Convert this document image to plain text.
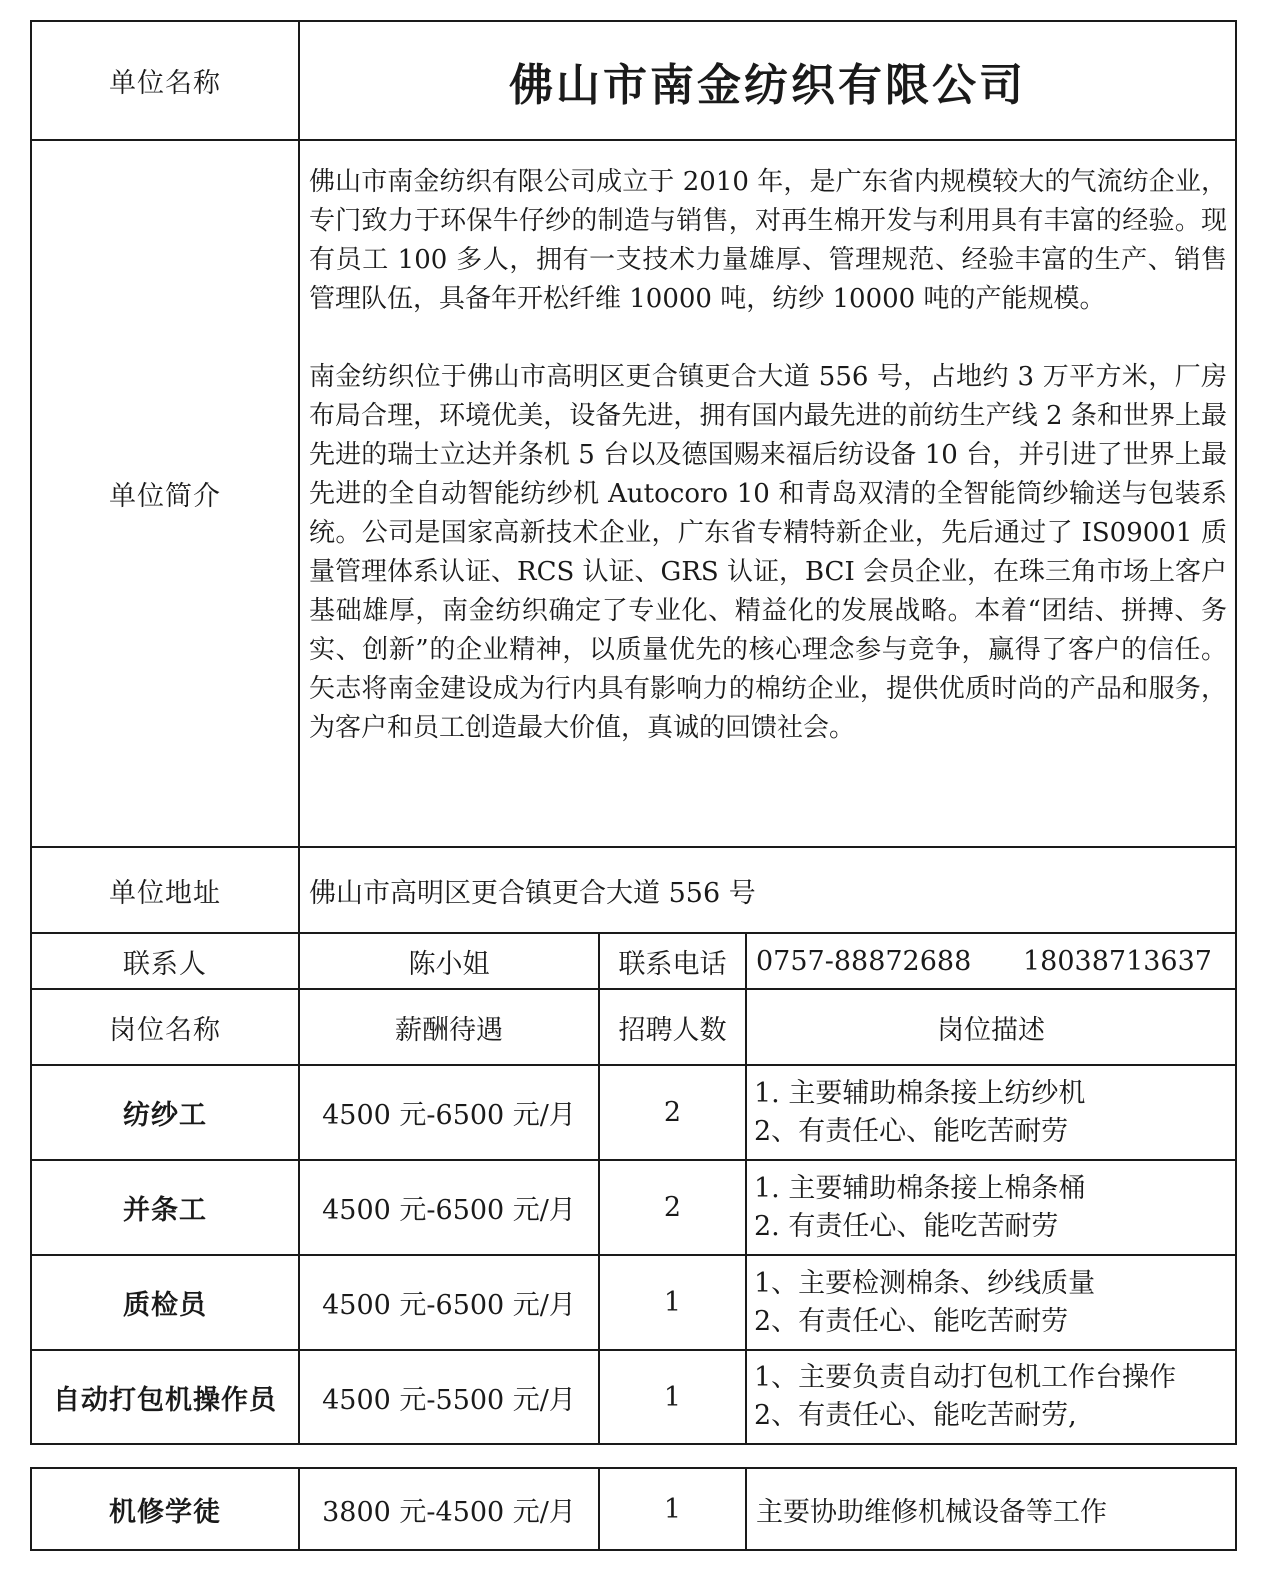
单位名称	佛山市南金纺织有限公司		
单位简介	佛山市南金纺织有限公司成立于 2010 年，是广东省内规模较大的气流纺企业，专门致力于环保牛仔纱的制造与销售，对再生棉开发与利用具有丰富的经验。现有员工 100 多人，拥有一支技术力量雄厚、管理规范、经验丰富的生产、销售管理队伍，具备年开松纤维 10000 吨，纺纱 10000 吨的产能规模。

南金纺织位于佛山市高明区更合镇更合大道 556 号，占地约 3 万平方米，厂房布局合理，环境优美，设备先进，拥有国内最先进的前纺生产线 2 条和世界上最先进的瑞士立达并条机 5 台以及德国赐来福后纺设备 10 台，并引进了世界上最先进的全自动智能纺纱机 Autocoro 10 和青岛双清的全智能筒纱输送与包装系统。公司是国家高新技术企业，广东省专精特新企业，先后通过了 IS09001 质量管理体系认证、RCS 认证、GRS 认证，BCI 会员企业，在珠三角市场上客户基础雄厚，南金纺织确定了专业化、精益化的发展战略。本着“团结、拼搏、务实、创新”的企业精神，以质量优先的核心理念参与竞争，赢得了客户的信任。矢志将南金建设成为行内具有影响力的棉纺企业，提供优质时尚的产品和服务，为客户和员工创造最大价值，真诚的回馈社会。		

单位地址	佛山市高明区更合镇更合大道 556 号		
联系人	陈小姐	联系电话	0757-88872688 18038713637
岗位名称	薪酬待遇	招聘人数	岗位描述
纺纱工	4500 元-6500 元/月	2	1. 主要辅助棉条接上纺纱机
2、有责任心、能吃苦耐劳

并条工	4500 元-6500 元/月	2	1. 主要辅助棉条接上棉条桶
2. 有责任心、能吃苦耐劳

质检员	4500 元-6500 元/月	1	1、主要检测棉条、纱线质量
2、有责任心、能吃苦耐劳

自动打包机操作员	4500 元-5500 元/月	1	1、主要负责自动打包机工作台操作
2、有责任心、能吃苦耐劳,
机修学徒	3800 元-4500 元/月	1	主要协助维修机械设备等工作
